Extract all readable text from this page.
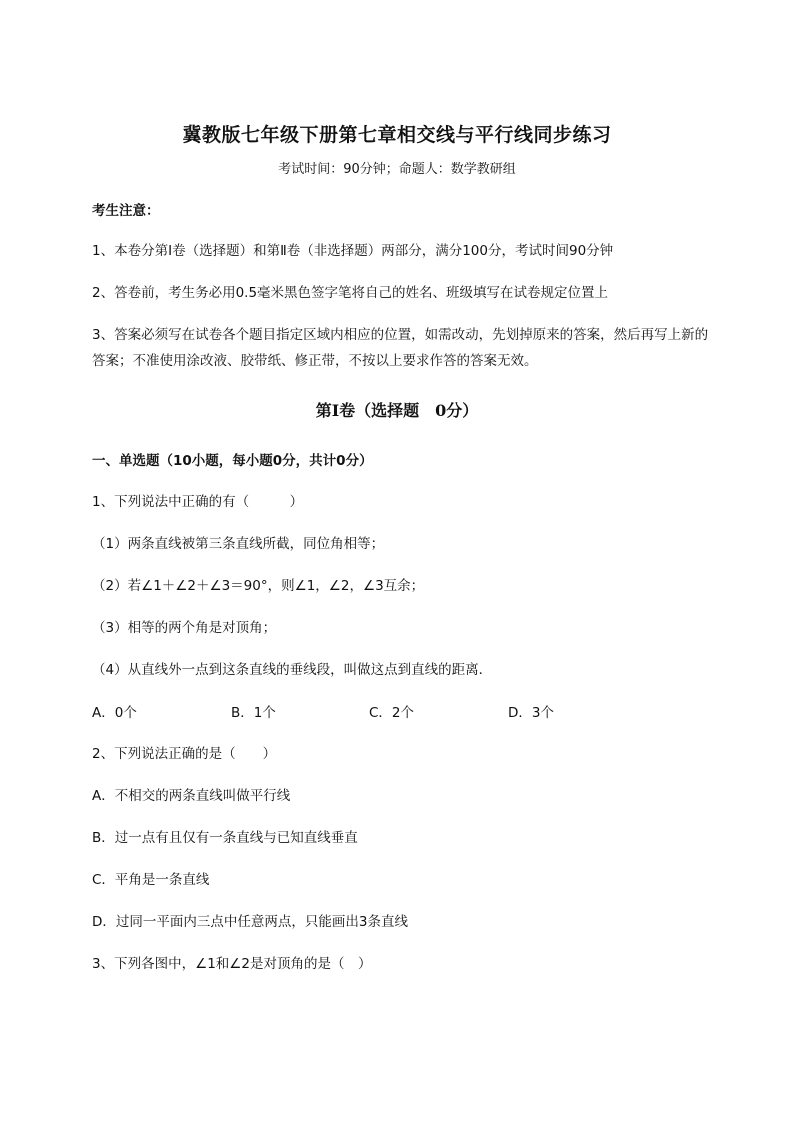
冀教版七年级下册第七章相交线与平行线同步练习
考试时间：90分钟；命题人：数学教研组
考生注意：
1、本卷分第Ⅰ卷（选择题）和第Ⅱ卷（非选择题）两部分，满分100分，考试时间90分钟
2、答卷前，考生务必用0.5毫米黑色签字笔将自己的姓名、班级填写在试卷规定位置上
3、答案必须写在试卷各个题目指定区域内相应的位置，如需改动，先划掉原来的答案，然后再写上新的答案；不准使用涂改液、胶带纸、修正带，不按以上要求作答的答案无效。
第Ⅰ卷（选择题　0分）
一、单选题（10小题，每小题0分，共计0分）
1、下列说法中正确的有（　　　）
（1）两条直线被第三条直线所截，同位角相等；
（2）若∠1＋∠2＋∠3＝90°，则∠1，∠2，∠3互余；
（3）相等的两个角是对顶角；
（4）从直线外一点到这条直线的垂线段，叫做这点到直线的距离．
A．0个	B．1个	C．2个	D．3个
2、下列说法正确的是（　　）
A．不相交的两条直线叫做平行线
B．过一点有且仅有一条直线与已知直线垂直
C．平角是一条直线
D．过同一平面内三点中任意两点，只能画出3条直线
3、下列各图中，∠1和∠2是对顶角的是（　）
